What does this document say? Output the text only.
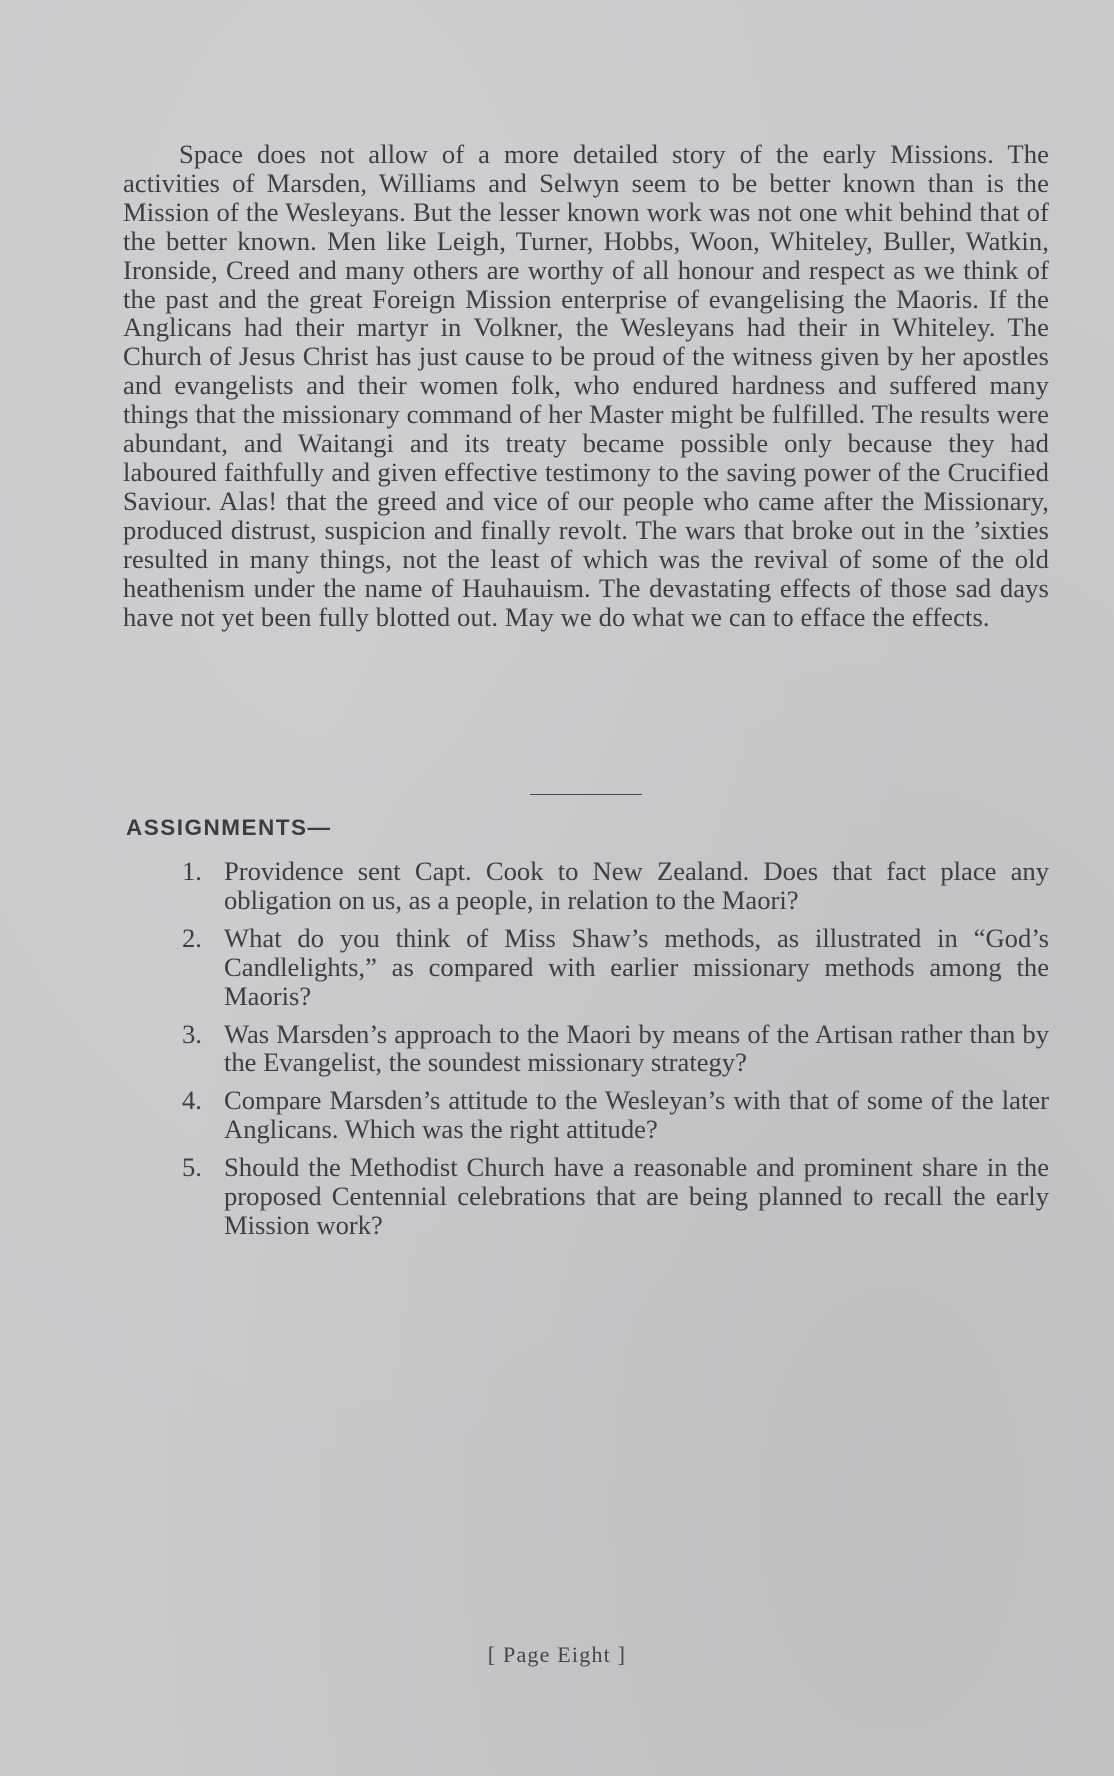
Space does not allow of a more detailed story of the early Missions. The activities of Marsden, Williams and Selwyn seem to be better known than is the Mission of the Wesleyans. But the lesser known work was not one whit behind that of the better known. Men like Leigh, Turner, Hobbs, Woon, Whiteley, Buller, Watkin, Ironside, Creed and many others are worthy of all honour and respect as we think of the past and the great Foreign Mission enterprise of evangelising the Maoris. If the Anglicans had their martyr in Volkner, the Wesleyans had their in Whiteley. The Church of Jesus Christ has just cause to be proud of the witness given by her apostles and evangelists and their women folk, who endured hardness and suffered many things that the missionary command of her Master might be fulfilled. The results were abundant, and Waitangi and its treaty became possible only because they had laboured faithfully and given effective testimony to the saving power of the Crucified Saviour. Alas! that the greed and vice of our people who came after the Missionary, produced distrust, suspicion and finally revolt. The wars that broke out in the ’sixties resulted in many things, not the least of which was the revival of some of the old heathenism under the name of Hauhauism. The devastating effects of those sad days have not yet been fully blotted out. May we do what we can to efface the effects.

ASSIGNMENTS—
1. Providence sent Capt. Cook to New Zealand. Does that fact place any obligation on us, as a people, in relation to the Maori?
2. What do you think of Miss Shaw’s methods, as illustrated in “God’s Candlelights,” as compared with earlier missionary methods among the Maoris?
3. Was Marsden’s approach to the Maori by means of the Artisan rather than by the Evangelist, the soundest missionary strategy?
4. Compare Marsden’s attitude to the Wesleyan’s with that of some of the later Anglicans. Which was the right attitude?
5. Should the Methodist Church have a reasonable and prominent share in the proposed Centennial celebrations that are being planned to recall the early Mission work?
[ Page Eight ]
